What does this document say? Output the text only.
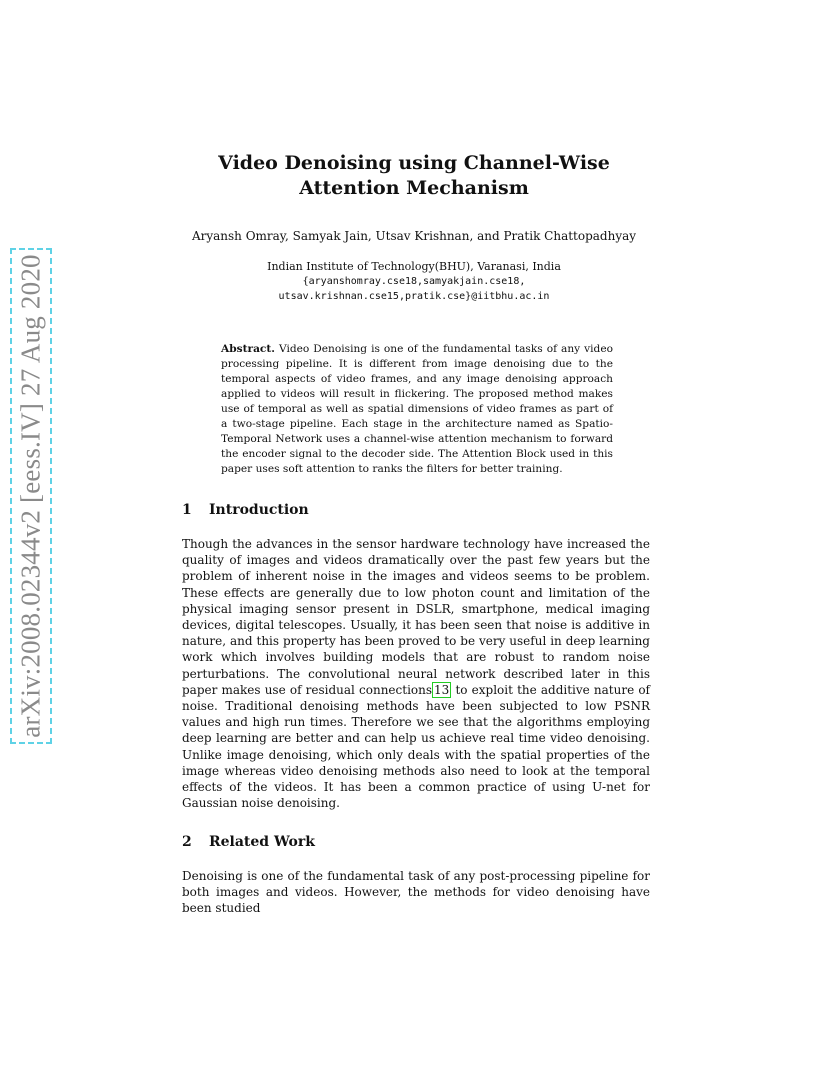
arXiv:2008.02344v2 [eess.IV] 27 Aug 2020
Video Denoising using Channel-Wise Attention Mechanism
Aryansh Omray, Samyak Jain, Utsav Krishnan, and Pratik Chattopadhyay
Indian Institute of Technology(BHU), Varanasi, India
{aryanshomray.cse18,samyakjain.cse18,
utsav.krishnan.cse15,pratik.cse}@iitbhu.ac.in
Abstract. Video Denoising is one of the fundamental tasks of any video processing pipeline. It is different from image denoising due to the temporal aspects of video frames, and any image denoising approach applied to videos will result in flickering. The proposed method makes use of temporal as well as spatial dimensions of video frames as part of a two-stage pipeline. Each stage in the architecture named as Spatio-Temporal Network uses a channel-wise attention mechanism to forward the encoder signal to the decoder side. The Attention Block used in this paper uses soft attention to ranks the filters for better training.
1 Introduction
Though the advances in the sensor hardware technology have increased the quality of images and videos dramatically over the past few years but the problem of inherent noise in the images and videos seems to be problem. These effects are generally due to low photon count and limitation of the physical imaging sensor present in DSLR, smartphone, medical imaging devices, digital telescopes. Usually, it has been seen that noise is additive in nature, and this property has been proved to be very useful in deep learning work which involves building models that are robust to random noise perturbations. The convolutional neural network described later in this paper makes use of residual connections 13 to exploit the additive nature of noise. Traditional denoising methods have been subjected to low PSNR values and high run times. Therefore we see that the algorithms employing deep learning are better and can help us achieve real time video denoising. Unlike image denoising, which only deals with the spatial properties of the image whereas video denoising methods also need to look at the temporal effects of the videos. It has been a common practice of using U-net for Gaussian noise denoising.
2 Related Work
Denoising is one of the fundamental task of any post-processing pipeline for both images and videos. However, the methods for video denoising have been studied
